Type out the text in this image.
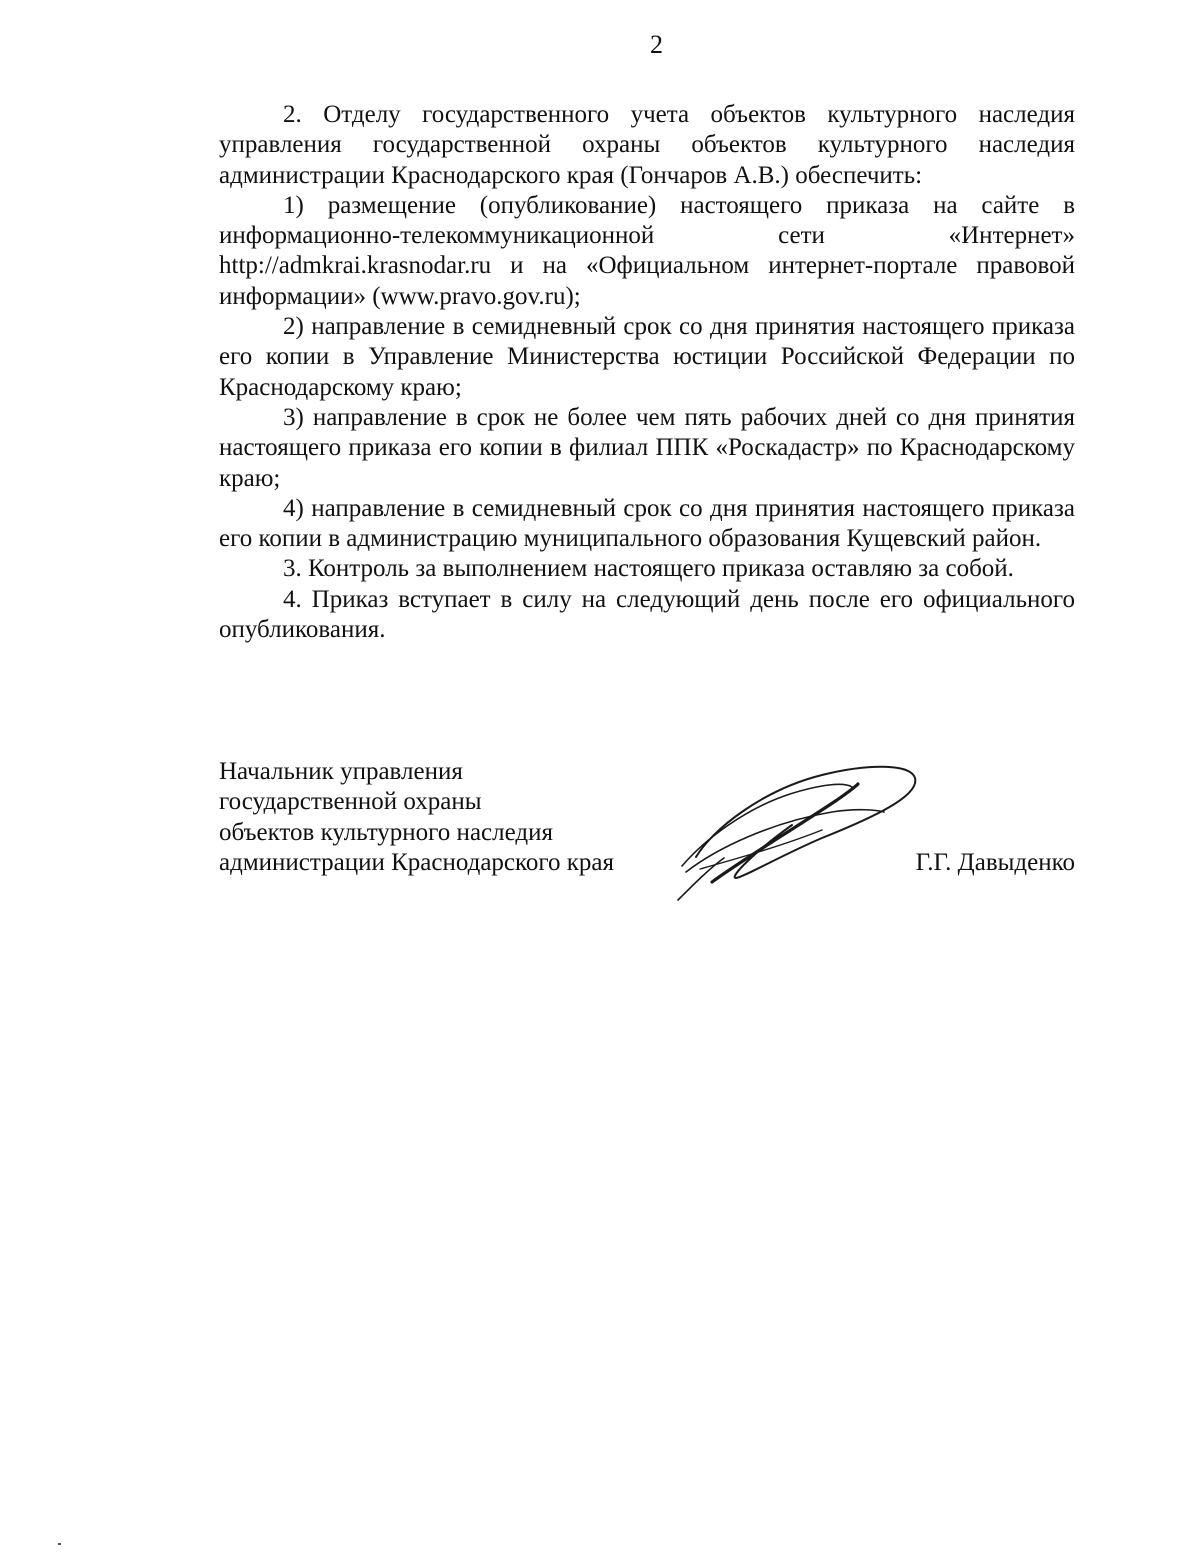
2

2. Отделу государственного учета объектов культурного наследия управления государственной охраны объектов культурного наследия администрации Краснодарского края (Гончаров А.В.) обеспечить:

1) размещение (опубликование) настоящего приказа на сайте в информационно-телекоммуникационной сети «Интернет» http://admkrai.krasnodar.ru и на «Официальном интернет-портале правовой информации» (www.pravo.gov.ru);

2) направление в семидневный срок со дня принятия настоящего приказа его копии в Управление Министерства юстиции Российской Федерации по Краснодарскому краю;

3) направление в срок не более чем пять рабочих дней со дня принятия настоящего приказа его копии в филиал ППК «Роскадастр» по Краснодарскому краю;

4) направление в семидневный срок со дня принятия настоящего приказа его копии в администрацию муниципального образования Кущевский район.

3. Контроль за выполнением настоящего приказа оставляю за собой.

4. Приказ вступает в силу на следующий день после его официального опубликования.

Начальник управления
государственной охраны
объектов культурного наследия
администрации Краснодарского края	Г.Г. Давыденко
